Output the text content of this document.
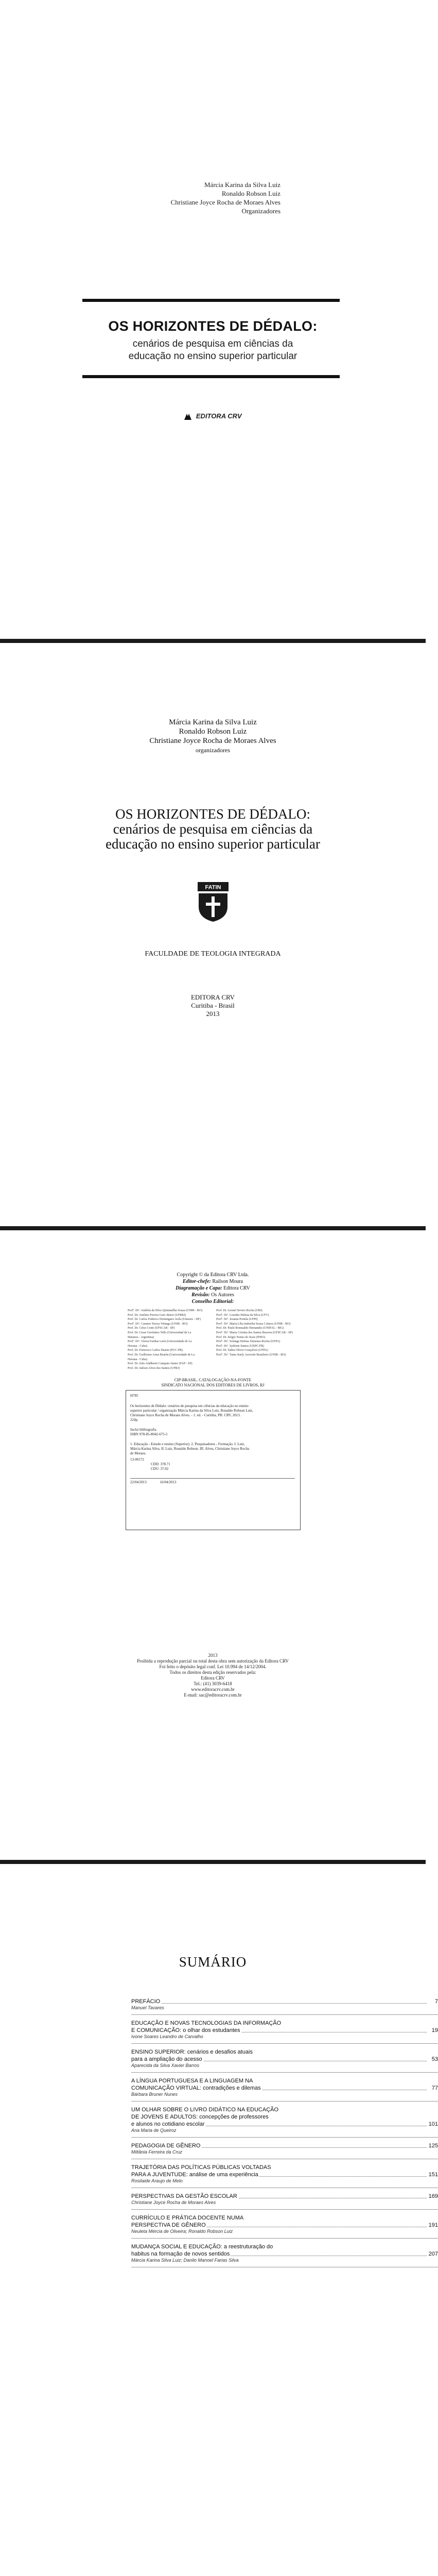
Márcia Karina da Silva Luiz
Ronaldo Robson Luiz
Christiane Joyce Rocha de Moraes Alves
Organizadores
OS HORIZONTES DE DÉDALO:
cenários de pesquisa em ciências da
educação no ensino superior particular
EDITORA CRV
Márcia Karina da Silva Luiz
Ronaldo Robson Luiz
Christiane Joyce Rocha de Moraes Alves
organizadores
OS HORIZONTES DE DÉDALO:
cenários de pesquisa em ciências da
educação no ensino superior particular
FATIN
FACULDADE DE TEOLOGIA INTEGRADA
EDITORA CRV
Curitiba - Brasil
2013
Copyright © da Editora CRV Ltda.
Editor-chefe: Railson Moura
Diagramação e Capa: Editora CRV
Revisão: Os Autores
Conselho Editorial:
Profª. Drª. Andréia da Silva Quintanilha Sousa (UNIR - RO)
Prof. Dr. Antônio Pereira Gaio Júnior (UFRRJ)
Prof. Dr. Carlos Federico Dominguez Avila (Unieuro - DF)
Profª. Drª. Carmen Tereza Velanga (UNIR - RO)
Prof. Dr. Celso Conti (UFSCAR - SP)
Prof. Dr. Cesar Gerónimo Tello (Universidad de La
Matanza - Argentina)
Profª. Drª. Gloria Fariñas León (Universidade de La
Havana - Cuba)
Prof. Dr. Francisco Carlos Duarte (PUC-PR)
Prof. Dr. Guillermo Arias Beatón (Universidade de La
Havana - Cuba)
Prof. Dr. João Adalberto Campato Junior (FAP - SP)
Prof. Dr. Jailson Alves dos Santos (UFRJ)
Prof. Dr. Leonel Severo Rocha (URI)
Profª. Drª. Lourdes Helena da Silva (UFV)
Profª. Drª. Josania Portela (UFPI)
Profª. Drª. Maria Lília Imbiriba Sousa Colares (UNIR - RO)
Prof. Dr. Paulo Romualdo Hernandes (UNIFAL - MG)
Profª. Drª. Maria Cristina dos Santos Bezerra (UFSCAR - SP)
Prof. Dr. Sérgio Nunes de Jesus (IFRO)
Profª. Drª. Solange Helena Ximenes-Rocha (UFPA)
Profª. Drª. Sydione Santos (UEPG PR)
Prof. Dr. Tadeu Oliver Gonçalves (UFPA)
Profª. Drª. Tania Suely Azevedo Brasileiro (UNIR - RO)
CIP-BRASIL. CATALOGAÇÃO-NA-FONTE
SINDICATO NACIONAL DOS EDITORES DE LIVROS, RJ
H785
Os horizontes de Dédalo: cenários de pesquisa em ciências da educação no ensino
superior particular / organização Márcia Karina da Silva Luiz, Ronaldo Robson Luiz,
Christiane Joyce Rocha de Moraes Alves. - 1. ed. - Curitiba, PR: CRV, 2013.
224p.
Inclui bibliografia
ISBN 978-85-8042-675-5
1. Educação - Estudo e ensino (Superior). 2. Pesquisadores - Formação. I. Luiz,
Márcia Karina Silva. II. Luiz, Ronaldo Robson. III. Alves, Christiane Joyce Rocha
de Moraes.
13-00172
CDD: 378.71
CDU: 37.02
22/04/2013	16/04/2013
2013
Proibida a reprodução parcial ou total desta obra sem autorização da Editora CRV
Foi feito o depósito legal conf. Lei 10.994 de 14/12/2004.
Todos os direitos desta edição reservados pela:
Editora CRV
Tel.: (41) 3039-6418
www.editoracrv.com.br
E-mail: sac@editoracrv.com.br
SUMÁRIO
PREFÁCIO	7
Manuel Tavares
EDUCAÇÃO E NOVAS TECNOLOGIAS DA INFORMAÇÃO
E COMUNICAÇÃO: o olhar dos estudantes	19
Ivone Soares Leandro de Carvalho
ENSINO SUPERIOR: cenários e desafios atuais
para a ampliação do acesso	53
Aparecida da Silva Xavier Barros
A LÍNGUA PORTUGUESA E A LINGUAGEM NA
COMUNICAÇÃO VIRTUAL: contradições e dilemas	77
Bárbara Bruner Nunes
UM OLHAR SOBRE O LIVRO DIDÁTICO NA EDUCAÇÃO
DE JOVENS E ADULTOS: concepções de professores
e alunos no cotidiano escolar	101
Ana Maria de Queiroz
PEDAGOGIA DE GÊNERO	125
Miltânia Ferreira da Cruz
TRAJETÓRIA DAS POLÍTICAS PÚBLICAS VOLTADAS
PARA A JUVENTUDE: análise de uma experiência	151
Rosilaide Araujo de Melo
PERSPECTIVAS DA GESTÃO ESCOLAR	169
Christiane Joyce Rocha de Moraes Alves
CURRÍCULO E PRÁTICA DOCENTE NUMA
PERSPECTIVA DE GÊNERO	191
Neuleta Mércia de Oliveira; Ronaldo Robson Luiz
MUDANÇA SOCIAL E EDUCAÇÃO: a reestruturação do
habitus na formação de novos sentidos	207
Márcia Karina Silva Luiz; Danilo Manoel Farias Silva
